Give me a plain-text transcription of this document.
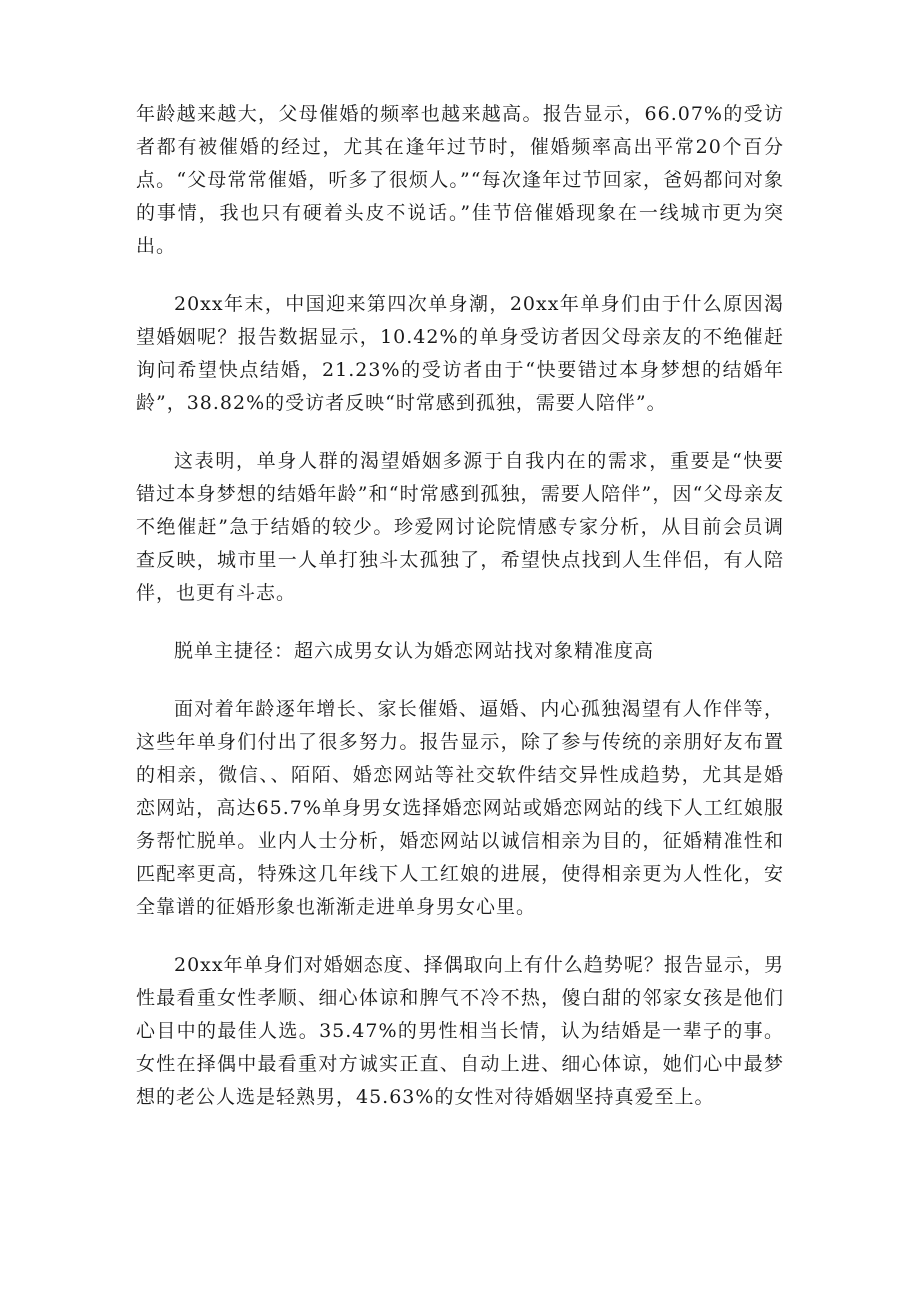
年龄越来越大，父母催婚的频率也越来越高。报告显示，66.07%的受访者都有被催婚的经过，尤其在逢年过节时，催婚频率高出平常20个百分点。“父母常常催婚，听多了很烦人。”“每次逢年过节回家，爸妈都问对象的事情，我也只有硬着头皮不说话。”佳节倍催婚现象在一线城市更为突出。

20xx年末，中国迎来第四次单身潮，20xx年单身们由于什么原因渴望婚姻呢？报告数据显示，10.42%的单身受访者因父母亲友的不绝催赶询问希望快点结婚，21.23%的受访者由于“快要错过本身梦想的结婚年龄”，38.82%的受访者反映“时常感到孤独，需要人陪伴”。

这表明，单身人群的渴望婚姻多源于自我内在的需求，重要是“快要错过本身梦想的结婚年龄”和“时常感到孤独，需要人陪伴”，因“父母亲友不绝催赶”急于结婚的较少。珍爱网讨论院情感专家分析，从目前会员调查反映，城市里一人单打独斗太孤独了，希望快点找到人生伴侣，有人陪伴，也更有斗志。

脱单主捷径：超六成男女认为婚恋网站找对象精准度高

面对着年龄逐年增长、家长催婚、逼婚、内心孤独渴望有人作伴等，这些年单身们付出了很多努力。报告显示，除了参与传统的亲朋好友布置的相亲，微信、、陌陌、婚恋网站等社交软件结交异性成趋势，尤其是婚恋网站，高达65.7%单身男女选择婚恋网站或婚恋网站的线下人工红娘服务帮忙脱单。业内人士分析，婚恋网站以诚信相亲为目的，征婚精准性和匹配率更高，特殊这几年线下人工红娘的进展，使得相亲更为人性化，安全靠谱的征婚形象也渐渐走进单身男女心里。

20xx年单身们对婚姻态度、择偶取向上有什么趋势呢？报告显示，男性最看重女性孝顺、细心体谅和脾气不冷不热，傻白甜的邻家女孩是他们心目中的最佳人选。35.47%的男性相当长情，认为结婚是一辈子的事。女性在择偶中最看重对方诚实正直、自动上进、细心体谅，她们心中最梦想的老公人选是轻熟男，45.63%的女性对待婚姻坚持真爱至上。
